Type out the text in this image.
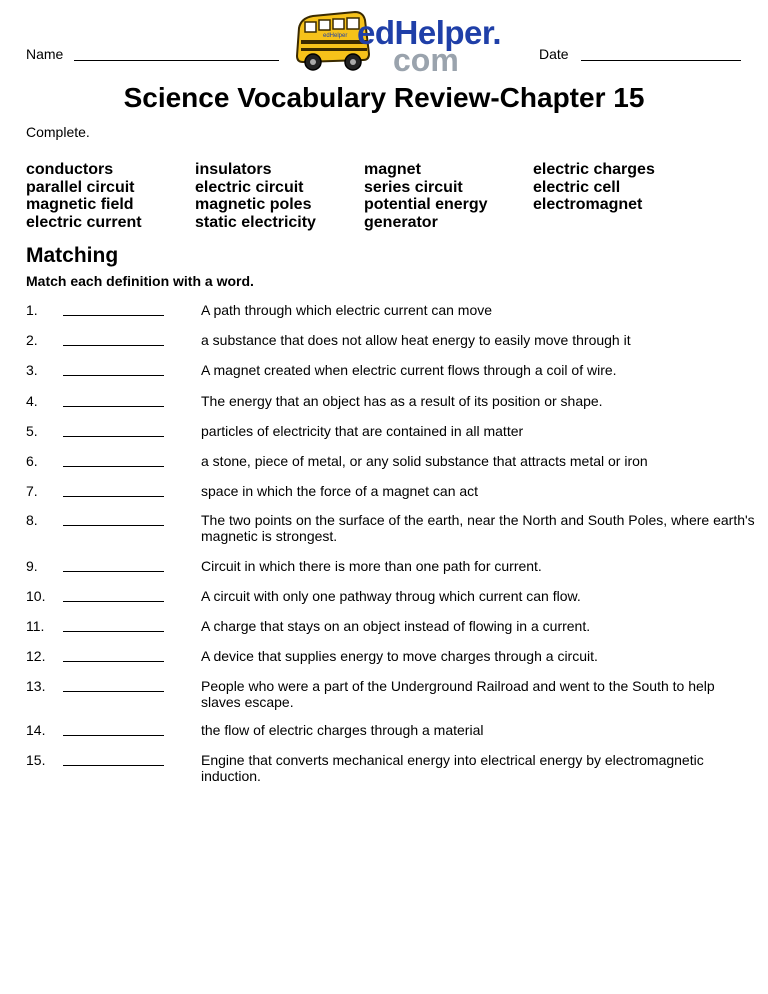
Name
edHelper edHelper.
com	Date
Science Vocabulary Review-Chapter 15
Complete.
conductors	insulators	magnet	electric charges
parallel circuit	electric circuit	series circuit	electric cell
magnetic field	magnetic poles	potential energy	electromagnet
electric current	static electricity	generator
Matching
Match each definition with a word.
1.	A path through which electric current can move
2.	a substance that does not allow heat energy to easily move through it
3.	A magnet created when electric current flows through a coil of wire.
4.	The energy that an object has as a result of its position or shape.
5.	particles of electricity that are contained in all matter
6.	a stone, piece of metal, or any solid substance that attracts metal or iron
7.	space in which the force of a magnet can act
8.	The two points on the surface of the earth, near the North and South Poles, where earth's magnetic is strongest.
9.	Circuit in which there is more than one path for current.
10.	A circuit with only one pathway throug which current can flow.
11.	A charge that stays on an object instead of flowing in a current.
12.	A device that supplies energy to move charges through a circuit.
13.	People who were a part of the Underground Railroad and went to the South to help slaves escape.
14.	the flow of electric charges through a material
15.	Engine that converts mechanical energy into electrical energy by electromagnetic induction.
